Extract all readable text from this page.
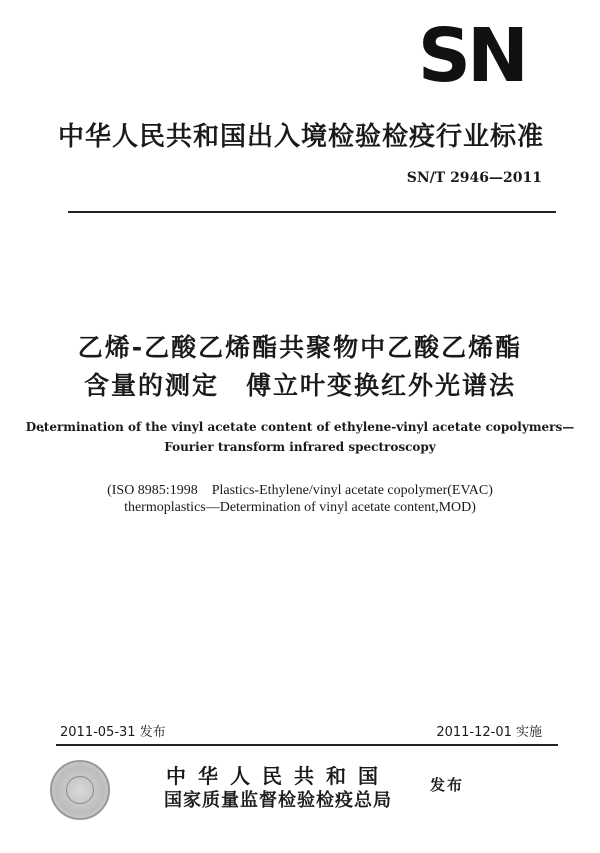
SN
中华人民共和国出入境检验检疫行业标准
SN/T 2946—2011
乙烯-乙酸乙烯酯共聚物中乙酸乙烯酯
含量的测定　傅立叶变换红外光谱法
Determination of the vinyl acetate content of ethylene-vinyl acetate copolymers—
Fourier transform infrared spectroscopy
(ISO 8985:1998　Plastics-Ethylene/vinyl acetate copolymer(EVAC)
thermoplastics—Determination of vinyl acetate content,MOD)
2011-05-31 发布	2011-12-01 实施
中华人民共和国
国家质量监督检验检疫总局
发布
